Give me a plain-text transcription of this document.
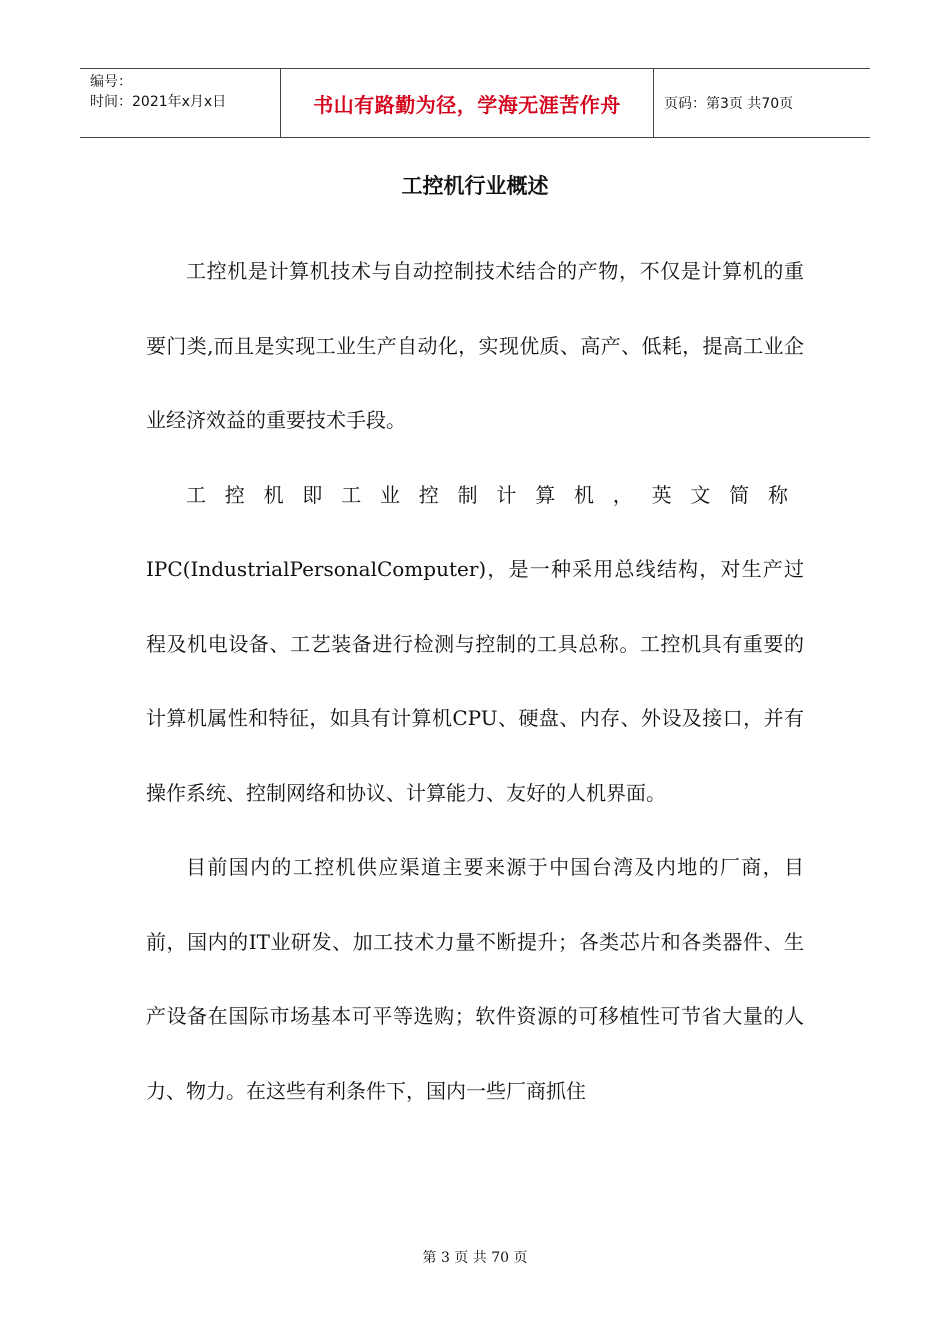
编号：
时间：2021年x月x日	书山有路勤为径，学海无涯苦作舟	页码：第3页 共70页
工控机行业概述

工控机是计算机技术与自动控制技术结合的产物，不仅是计算机的重要门类,而且是实现工业生产自动化，实现优质、高产、低耗，提高工业企业经济效益的重要技术手段。

工控机即工业控制计算机，英文简称
IPC(IndustrialPersonalComputer)，是一种采用总线结构，对生产过程及机电设备、工艺装备进行检测与控制的工具总称。工控机具有重要的计算机属性和特征，如具有计算机CPU、硬盘、内存、外设及接口，并有操作系统、控制网络和协议、计算能力、友好的人机界面。

目前国内的工控机供应渠道主要来源于中国台湾及内地的厂商，目前，国内的IT业研发、加工技术力量不断提升；各类芯片和各类器件、生产设备在国际市场基本可平等选购；软件资源的可移植性可节省大量的人力、物力。在这些有利条件下，国内一些厂商抓住

第 3 页 共 70 页
